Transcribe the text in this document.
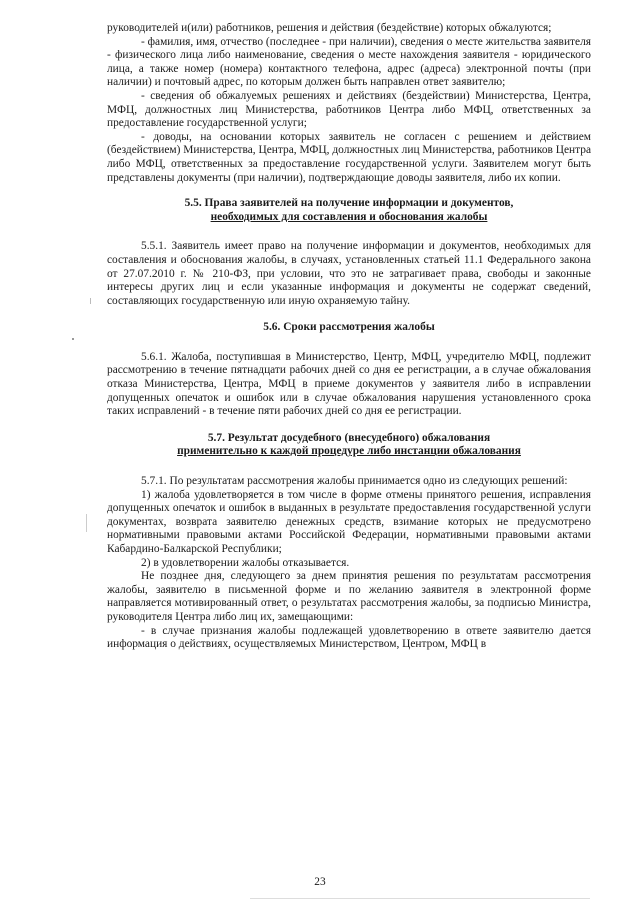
руководителей и(или) работников, решения и действия (бездействие) которых обжалуются;

- фамилия, имя, отчество (последнее - при наличии), сведения о месте жительства заявителя - физического лица либо наименование, сведения о месте нахождения заявителя - юридического лица, а также номер (номера) контактного телефона, адрес (адреса) электронной почты (при наличии) и почтовый адрес, по которым должен быть направлен ответ заявителю;

- сведения об обжалуемых решениях и действиях (бездействии) Министерства, Центра, МФЦ, должностных лиц Министерства, работников Центра либо МФЦ, ответственных за предоставление государственной услуги;

- доводы, на основании которых заявитель не согласен с решением и действием (бездействием) Министерства, Центра, МФЦ, должностных лиц Министерства, работников Центра либо МФЦ, ответственных за предоставление государственной услуги. Заявителем могут быть представлены документы (при наличии), подтверждающие доводы заявителя, либо их копии.

5.5. Права заявителей на получение информации и документов,
необходимых для составления и обоснования жалобы

5.5.1. Заявитель имеет право на получение информации и документов, необходимых для составления и обоснования жалобы, в случаях, установленных статьей 11.1 Федерального закона от 27.07.2010 г. № 210-ФЗ, при условии, что это не затрагивает права, свободы и законные интересы других лиц и если указанные информация и документы не содержат сведений, составляющих государственную или иную охраняемую тайну.

5.6. Сроки рассмотрения жалобы

5.6.1. Жалоба, поступившая в Министерство, Центр, МФЦ, учредителю МФЦ, подлежит рассмотрению в течение пятнадцати рабочих дней со дня ее регистрации, а в случае обжалования отказа Министерства, Центра, МФЦ в приеме документов у заявителя либо в исправлении допущенных опечаток и ошибок или в случае обжалования нарушения установленного срока таких исправлений - в течение пяти рабочих дней со дня ее регистрации.

5.7. Результат досудебного (внесудебного) обжалования
применительно к каждой процедуре либо инстанции обжалования

5.7.1. По результатам рассмотрения жалобы принимается одно из следующих решений:

1) жалоба удовлетворяется в том числе в форме отмены принятого решения, исправления допущенных опечаток и ошибок в выданных в результате предоставления государственной услуги документах, возврата заявителю денежных средств, взимание которых не предусмотрено нормативными правовыми актами Российской Федерации, нормативными правовыми актами Кабардино-Балкарской Республики;

2) в удовлетворении жалобы отказывается.

Не позднее дня, следующего за днем принятия решения по результатам рассмотрения жалобы, заявителю в письменной форме и по желанию заявителя в электронной форме направляется мотивированный ответ, о результатах рассмотрения жалобы, за подписью Министра, руководителя Центра либо лиц их, замещающими:

- в случае признания жалобы подлежащей удовлетворению в ответе заявителю дается информация о действиях, осуществляемых Министерством, Центром, МФЦ в

23
